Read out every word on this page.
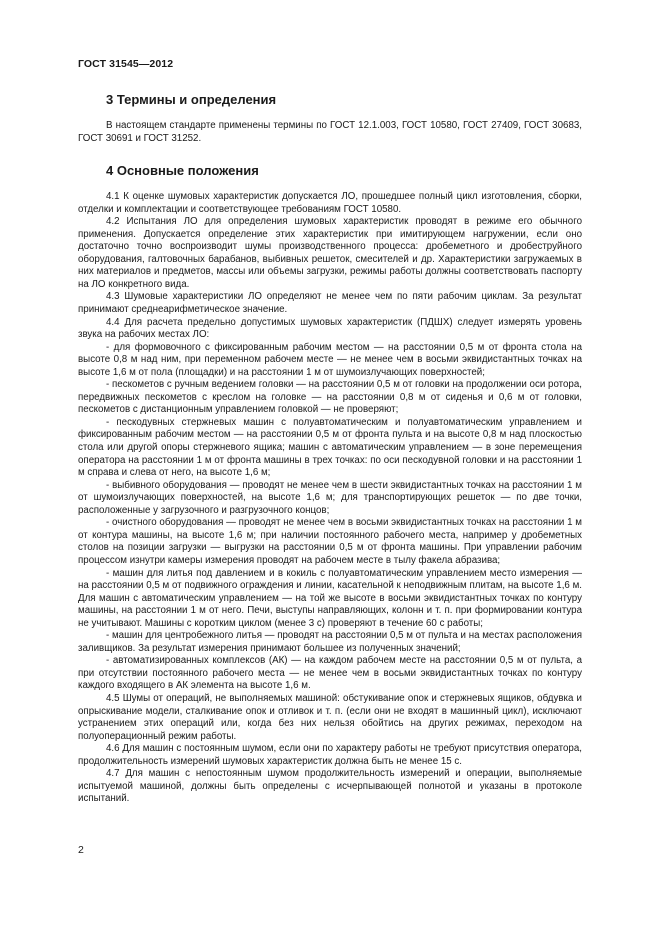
ГОСТ 31545—2012
3 Термины и определения

В настоящем стандарте применены термины по ГОСТ 12.1.003, ГОСТ 10580, ГОСТ 27409, ГОСТ 30683, ГОСТ 30691 и ГОСТ 31252.

4 Основные положения

4.1 К оценке шумовых характеристик допускается ЛО, прошедшее полный цикл изготовления, сборки, отделки и комплектации и соответствующее требованиям ГОСТ 10580.

4.2 Испытания ЛО для определения шумовых характеристик проводят в режиме его обычного применения. Допускается определение этих характеристик при имитирующем нагружении, если оно достаточно точно воспроизводит шумы производственного процесса: дробеметного и дробеструйного оборудования, галтовочных барабанов, выбивных решеток, смесителей и др. Характеристики загружаемых в них материалов и предметов, массы или объемы загрузки, режимы работы должны соответствовать паспорту на ЛО конкретного вида.

4.3 Шумовые характеристики ЛО определяют не менее чем по пяти рабочим циклам. За результат принимают среднеарифметическое значение.

4.4 Для расчета предельно допустимых шумовых характеристик (ПДШХ) следует измерять уровень звука на рабочих местах ЛО:

- для формовочного с фиксированным рабочим местом — на расстоянии 0,5 м от фронта стола на высоте 0,8 м над ним, при переменном рабочем месте — не менее чем в восьми эквидистантных точках на высоте 1,6 м от пола (площадки) и на расстоянии 1 м от шумоизлучающих поверхностей;

- пескометов с ручным ведением головки — на расстоянии 0,5 м от головки на продолжении оси ротора, передвижных пескометов с креслом на головке — на расстоянии 0,8 м от сиденья и 0,6 м от головки, пескометов с дистанционным управлением головкой — не проверяют;

- пескодувных стержневых машин с полуавтоматическим и полуавтоматическим управлением и фиксированным рабочим местом — на расстоянии 0,5 м от фронта пульта и на высоте 0,8 м над плоскостью стола или другой опоры стержневого ящика; машин с автоматическим управлением — в зоне перемещения оператора на расстоянии 1 м от фронта машины в трех точках: по оси пескодувной головки и на расстоянии 1 м справа и слева от него, на высоте 1,6 м;

- выбивного оборудования — проводят не менее чем в шести эквидистантных точках на расстоянии 1 м от шумоизлучающих поверхностей, на высоте 1,6 м; для транспортирующих решеток — по две точки, расположенные у загрузочного и разгрузочного концов;

- очистного оборудования — проводят не менее чем в восьми эквидистантных точках на расстоянии 1 м от контура машины, на высоте 1,6 м; при наличии постоянного рабочего места, например у дробеметных столов на позиции загрузки — выгрузки на расстоянии 0,5 м от фронта машины. При управлении рабочим процессом изнутри камеры измерения проводят на рабочем месте в тылу факела абразива;

- машин для литья под давлением и в кокиль с полуавтоматическим управлением место измерения — на расстоянии 0,5 м от подвижного ограждения и линии, касательной к неподвижным плитам, на высоте 1,6 м. Для машин с автоматическим управлением — на той же высоте в восьми эквидистантных точках по контуру машины, на расстоянии 1 м от него. Печи, выступы направляющих, колонн и т. п. при формировании контура не учитывают. Машины с коротким циклом (менее 3 с) проверяют в течение 60 с работы;

- машин для центробежного литья — проводят на расстоянии 0,5 м от пульта и на местах расположения заливщиков. За результат измерения принимают большее из полученных значений;

- автоматизированных комплексов (АК) — на каждом рабочем месте на расстоянии 0,5 м от пульта, а при отсутствии постоянного рабочего места — не менее чем в восьми эквидистантных точках по контуру каждого входящего в АК элемента на высоте 1,6 м.

4.5 Шумы от операций, не выполняемых машиной: обстукивание опок и стержневых ящиков, обдувка и опрыскивание модели, сталкивание опок и отливок и т. п. (если они не входят в машинный цикл), исключают устранением этих операций или, когда без них нельзя обойтись на других режимах, переходом на полуоперационный режим работы.

4.6 Для машин с постоянным шумом, если они по характеру работы не требуют присутствия оператора, продолжительность измерений шумовых характеристик должна быть не менее 15 с.

4.7 Для машин с непостоянным шумом продолжительность измерений и операции, выполняемые испытуемой машиной, должны быть определены с исчерпывающей полнотой и указаны в протоколе испытаний.

2
